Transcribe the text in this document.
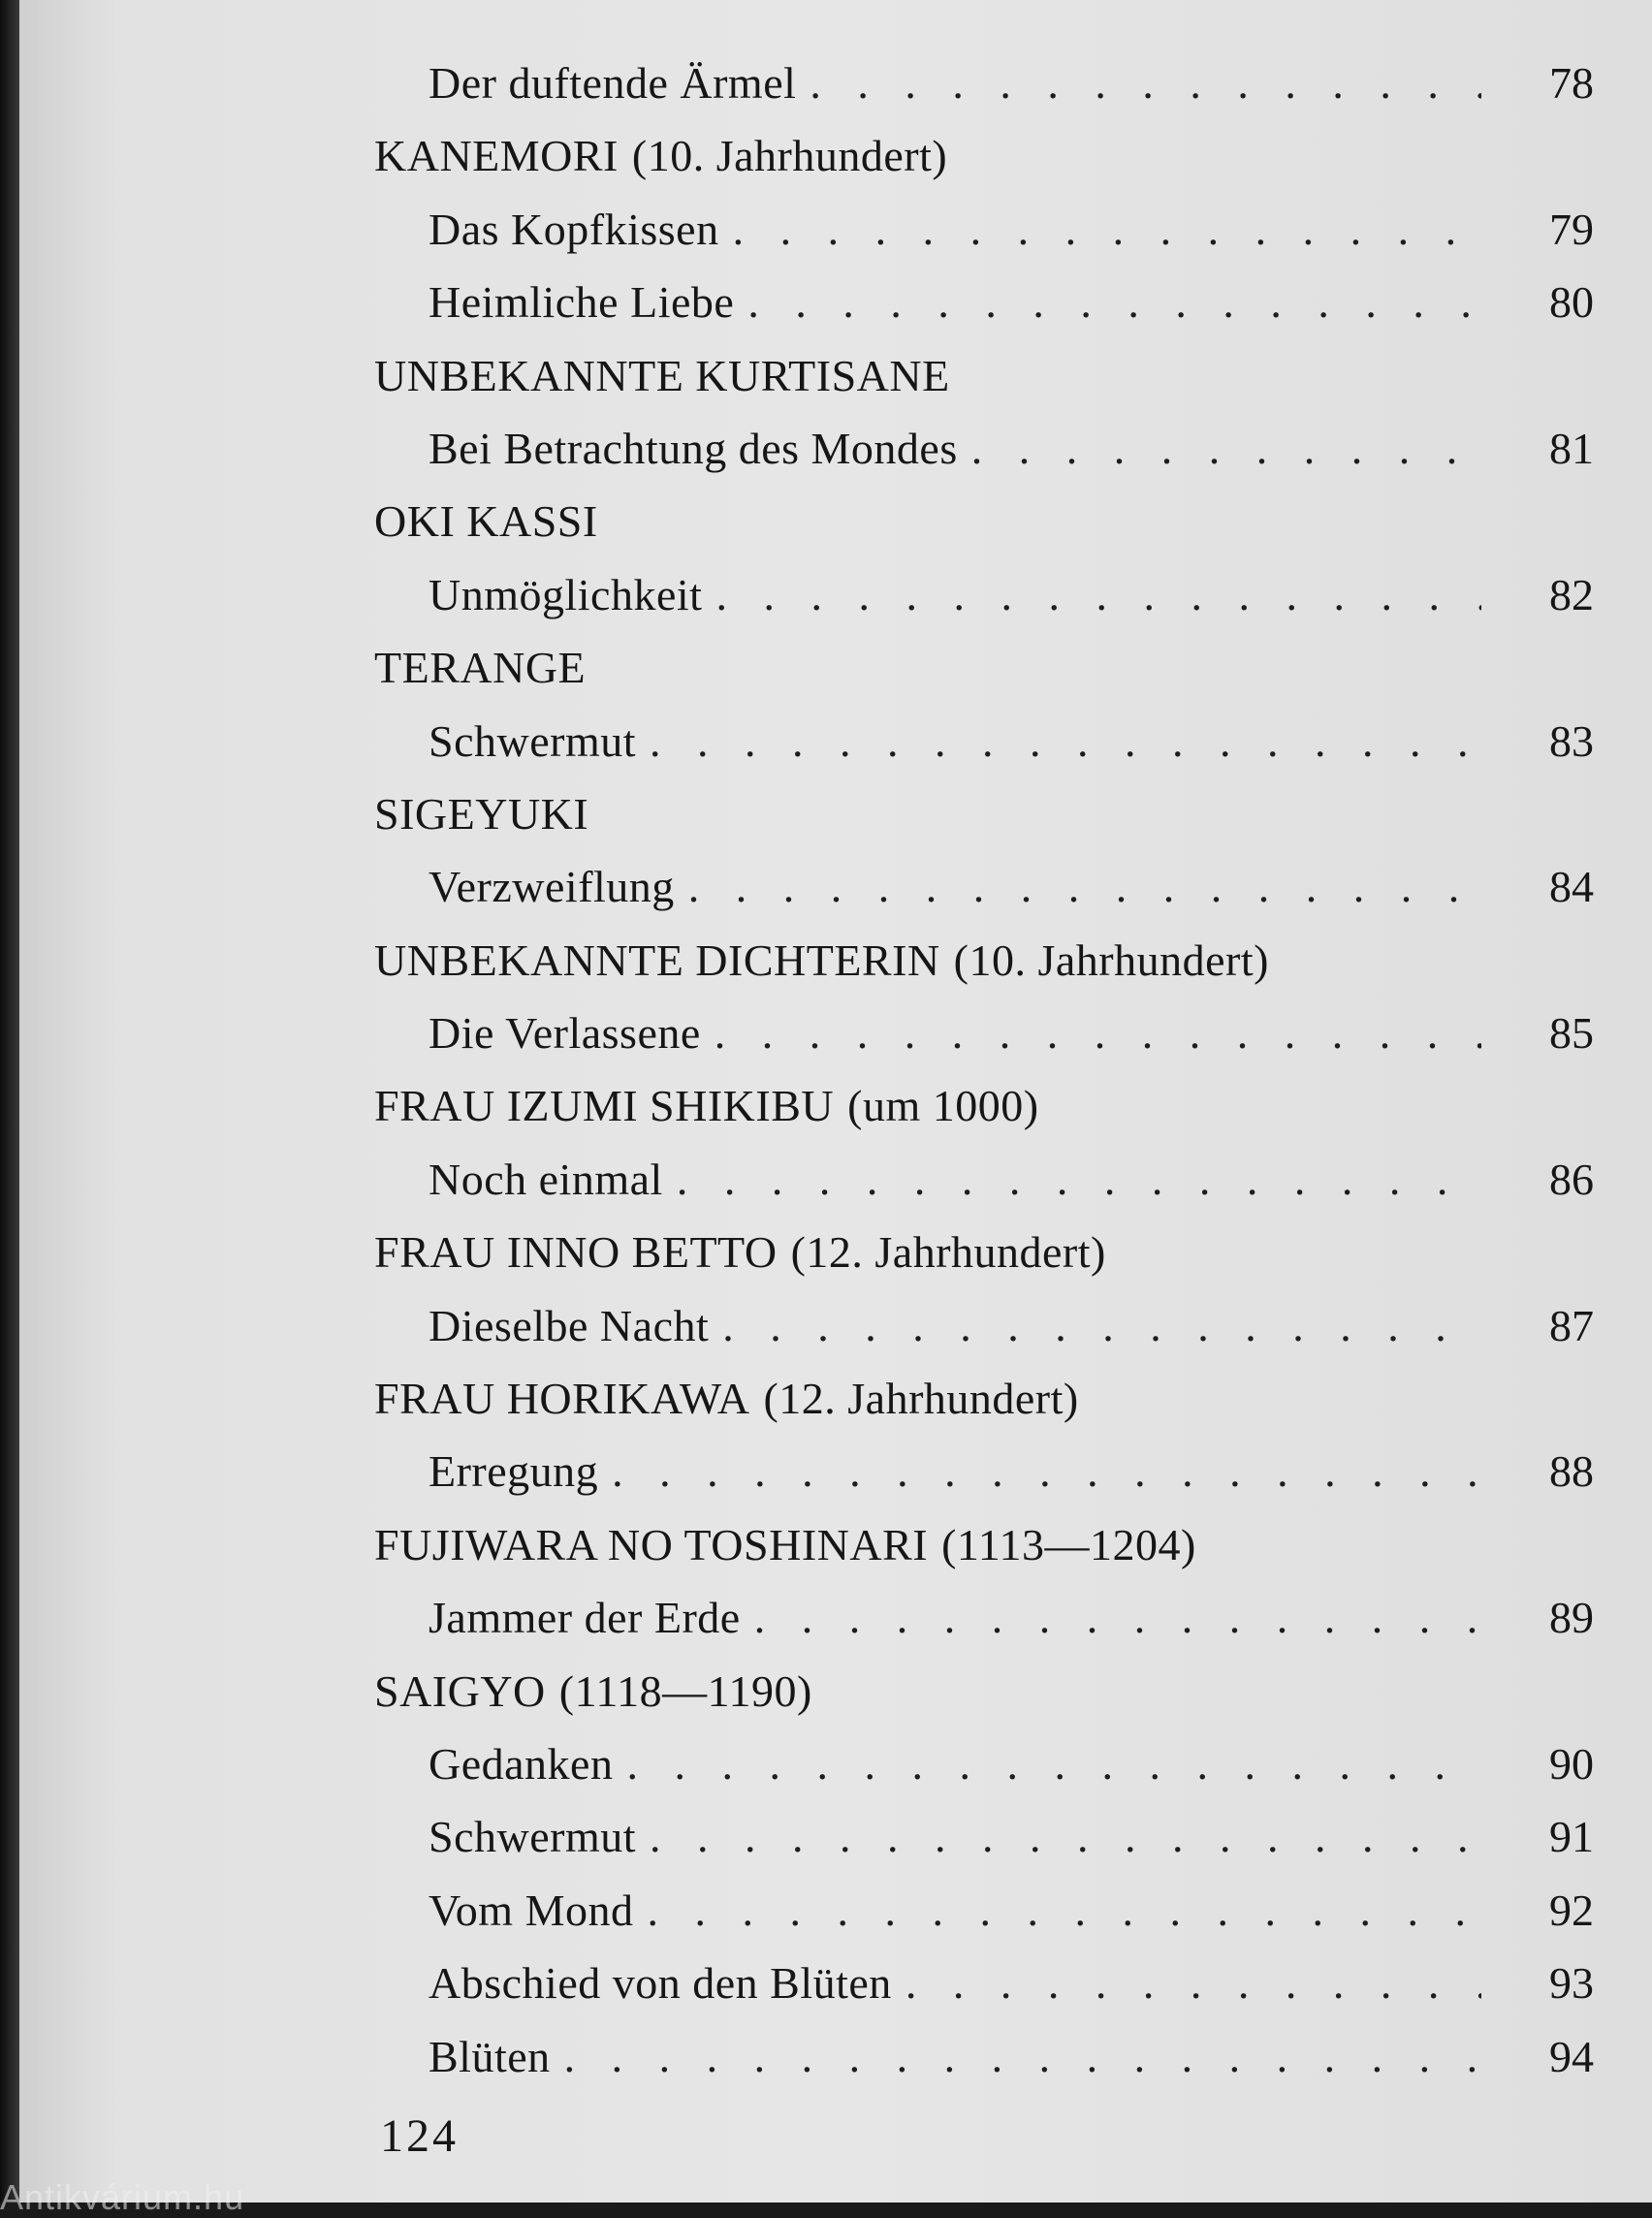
Der duftende Ärmel . . .	78
KANEMORI (10. Jahrhundert)
Das Kopfkissen . . .	79
Heimliche Liebe . . .	80
UNBEKANNTE KURTISANE
Bei Betrachtung des Mondes . . .	81
OKI KASSI
Unmöglichkeit . . .	82
TERANGE
Schwermut . . .	83
SIGEYUKI
Verzweiflung . . .	84
UNBEKANNTE DICHTERIN (10. Jahrhundert)
Die Verlassene . . .	85
FRAU IZUMI SHIKIBU (um 1000)
Noch einmal . . .	86
FRAU INNO BETTO (12. Jahrhundert)
Dieselbe Nacht . . .	87
FRAU HORIKAWA (12. Jahrhundert)
Erregung . . .	88
FUJIWARA NO TOSHINARI (1113—1204)
Jammer der Erde . . .	89
SAIGYO (1118—1190)
Gedanken . . .	90
Schwermut . . .	91
Vom Mond . . .	92
Abschied von den Blüten . . .	93
Blüten . . .	94
124
Antikvárium.hu
